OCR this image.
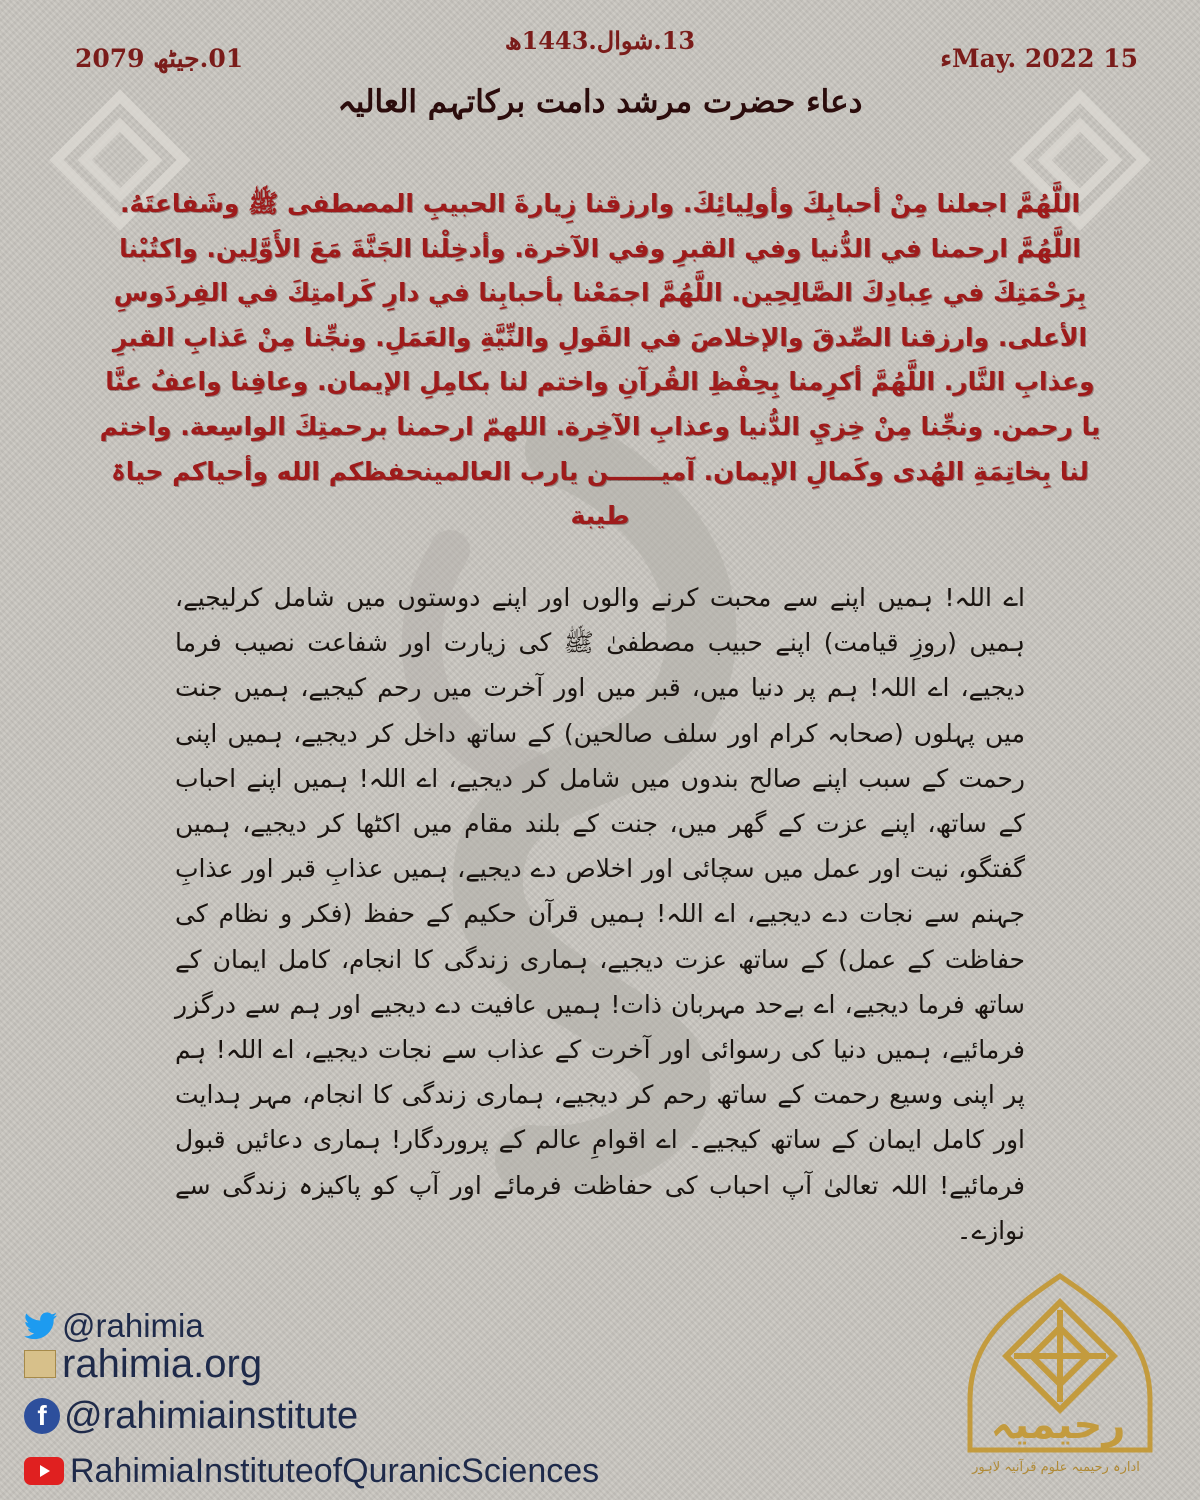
13.شوال.1443ھ
15 May. 2022ء
01.جیٹھ 2079
دعاء حضرت مرشد دامت برکاتہم العالیہ
اللَّهُمَّ اجعلنا مِنْ أحبابِكَ وأولِيائِكَ. وارزقنا زِيارةَ الحبيبِ المصطفى ﷺ وشَفاعتَهُ. اللَّهُمَّ ارحمنا في الدُّنيا وفي القبرِ وفي الآخرة. وأدخِلْنا الجَنَّةَ مَعَ الأَوَّلِين. واكتُبْنا بِرَحْمَتِكَ في عِبادِكَ الصَّالِحِين. اللَّهُمَّ اجمَعْنا بأحبابِنا في دارِ كَرامتِكَ في الفِردَوسِ الأعلى. وارزقنا الصِّدقَ والإخلاصَ في القَولِ والنِّيَّةِ والعَمَلِ. ونجِّنا مِنْ عَذابِ القبرِ وعذابِ النَّار. اللَّهُمَّ أكرِمنا بِحِفْظِ القُرآنِ واختم لنا بكامِلِ الإيمان. وعافِنا واعفُ عنَّا يا رحمن. ونجِّنا مِنْ خِزيِ الدُّنيا وعذابِ الآخِرة. اللهمّ ارحمنا برحمتِكَ الواسِعة. واختم لنا بِخاتِمَةِ الهُدى وكَمالِ الإيمان. آمیــــــن یارب العالمینحفظکم الله وأحیاکم حیاۃ طیبة
اے اللہ! ہمیں اپنے سے محبت کرنے والوں اور اپنے دوستوں میں شامل کرلیجیے، ہمیں (روزِ قیامت) اپنے حبیب مصطفیٰ ﷺ کی زیارت اور شفاعت نصیب فرما دیجیے، اے اللہ! ہم پر دنیا میں، قبر میں اور آخرت میں رحم کیجیے، ہمیں جنت میں پہلوں (صحابہ کرام اور سلف صالحین) کے ساتھ داخل کر دیجیے، ہمیں اپنی رحمت کے سبب اپنے صالح بندوں میں شامل کر دیجیے، اے اللہ! ہمیں اپنے احباب کے ساتھ، اپنے عزت کے گھر میں، جنت کے بلند مقام میں اکٹھا کر دیجیے، ہمیں گفتگو، نیت اور عمل میں سچائی اور اخلاص دے دیجیے، ہمیں عذابِ قبر اور عذابِ جہنم سے نجات دے دیجیے، اے اللہ! ہمیں قرآن حکیم کے حفظ (فکر و نظام کی حفاظت کے عمل) کے ساتھ عزت دیجیے، ہماری زندگی کا انجام، کامل ایمان کے ساتھ فرما دیجیے، اے بےحد مہربان ذات! ہمیں عافیت دے دیجیے اور ہم سے درگزر فرمائیے، ہمیں دنیا کی رسوائی اور آخرت کے عذاب سے نجات دیجیے، اے اللہ! ہم پر اپنی وسیع رحمت کے ساتھ رحم کر دیجیے، ہماری زندگی کا انجام، مہر ہدایت اور کامل ایمان کے ساتھ کیجیے۔ اے اقوامِ عالم کے پروردگار! ہماری دعائیں قبول فرمائیے! اللہ تعالیٰ آپ احباب کی حفاظت فرمائے اور آپ کو پاکیزہ زندگی سے نوازے۔
@rahimia
rahimia.org
f @rahimiainstitute
RahimiaInstituteofQuranicSciences
رحیمیہ
ادارہ رحیمیہ علوم قرآنیہ لاہور
